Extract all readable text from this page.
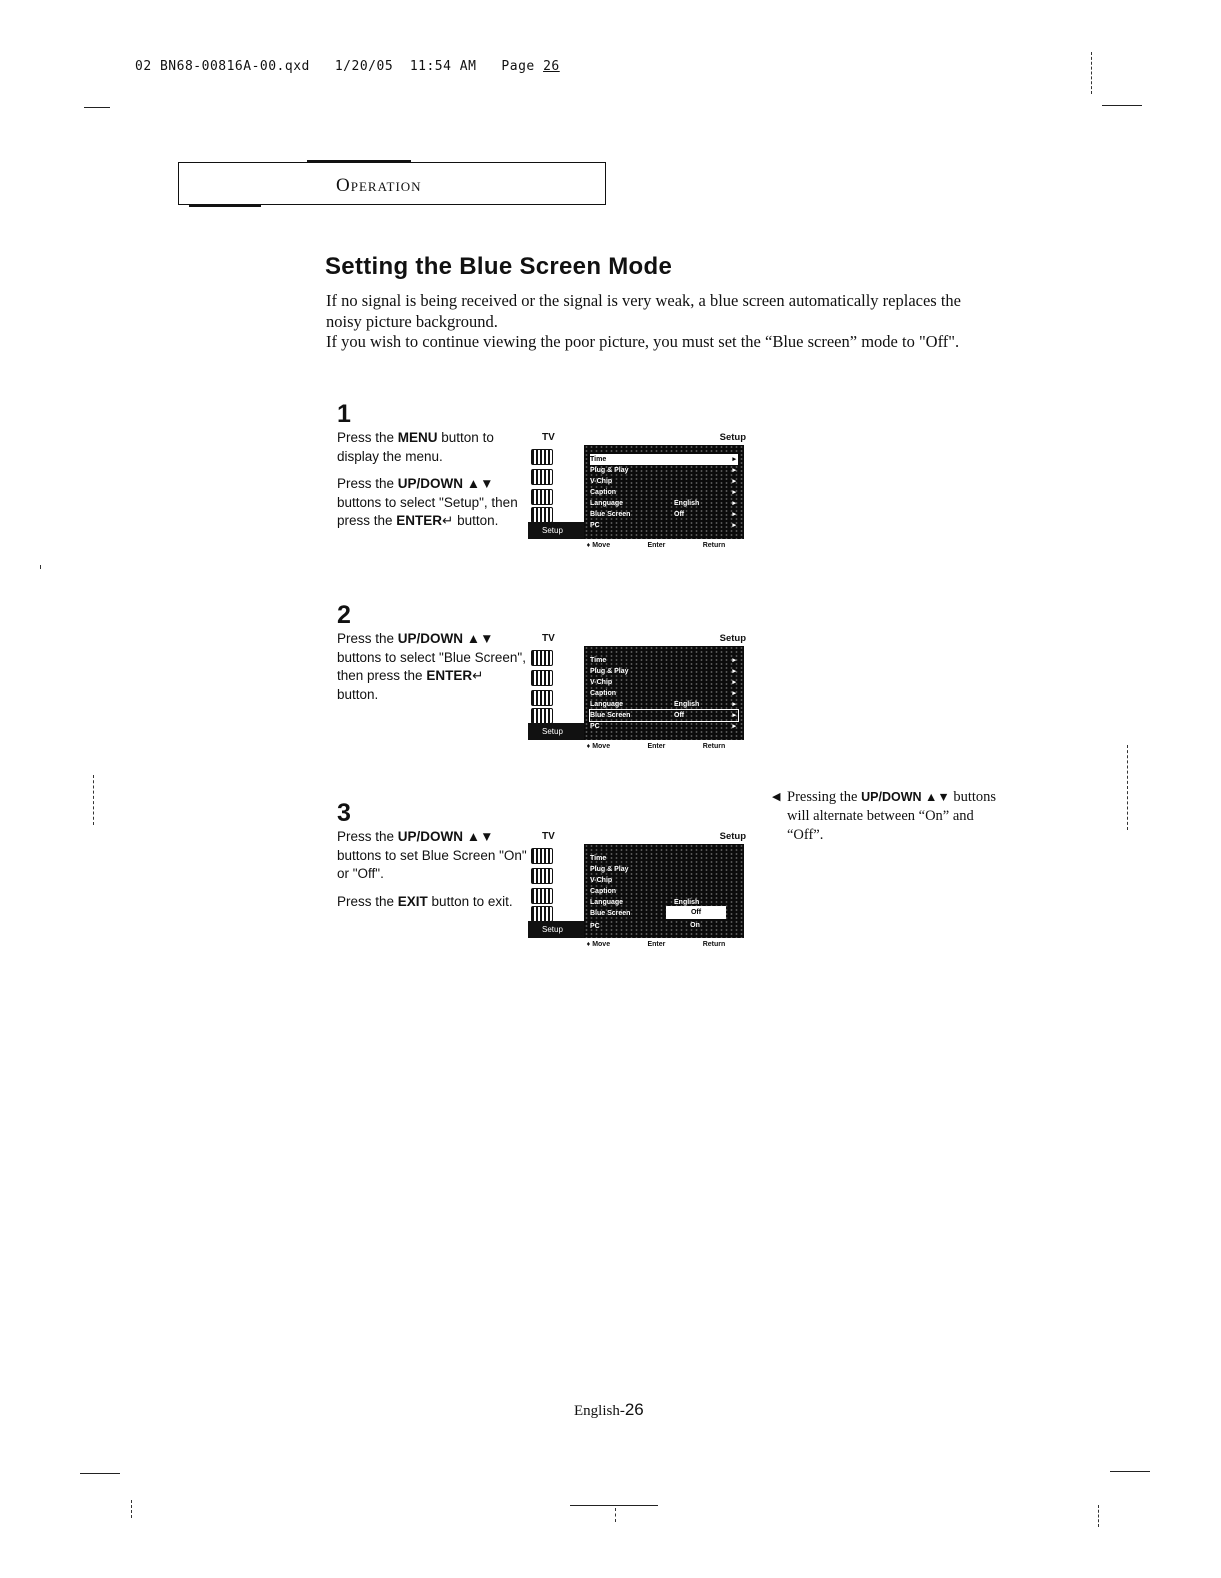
02 BN68-00816A-00.qxd 1/20/05 11:54 AM Page 26
Operation
Setting the Blue Screen Mode

If no signal is being received or the signal is very weak, a blue screen automatically replaces the noisy picture background.

If you wish to continue viewing the poor picture, you must set the “Blue screen” mode to "Off".

1

Press the MENU button to display the menu.

Press the UP/DOWN ▲▼ buttons to select "Setup", then press the ENTER↵ button.

TV	Setup
Setup
Time	▸
Plug & Play	▸
V-Chip	▸
Caption	▸
Language	English	▸
Blue Screen	Off	▸
PC	▸
♦ Move	Enter	Return
2

Press the UP/DOWN ▲▼ buttons to select "Blue Screen", then press the ENTER↵ button.

TV	Setup
Setup
Time	▸
Plug & Play	▸
V-Chip	▸
Caption	▸
Language	English	▸
Blue Screen	Off	▸
PC	▸
♦ Move	Enter	Return
3

Press the UP/DOWN ▲▼ buttons to set Blue Screen "On" or "Off".

Press the EXIT button to exit.

TV	Setup
Setup
Time
Plug & Play
V-Chip
Caption
Language	English
Blue Screen
PC
Off
On
♦ Move	Enter	Return
◀ Pressing the UP/DOWN ▲▼ buttons will alternate between “On” and “Off”.
English-26
